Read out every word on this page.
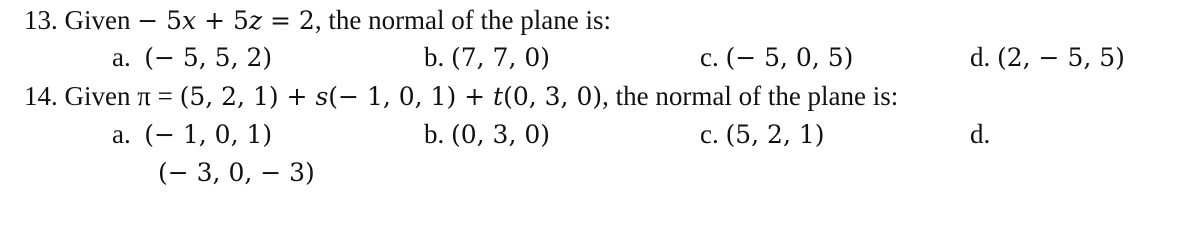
13. Given − 5x + 5z = 2, the normal of the plane is:
a. (− 5, 5, 2)	b. (7, 7, 0)	c. (− 5, 0, 5)	d. (2, − 5, 5)
14. Given π = (5, 2, 1) + s(− 1, 0, 1) + t(0, 3, 0), the normal of the plane is:
a. (− 1, 0, 1)	b. (0, 3, 0)	c. (5, 2, 1)	d.
(− 3, 0, − 3)
